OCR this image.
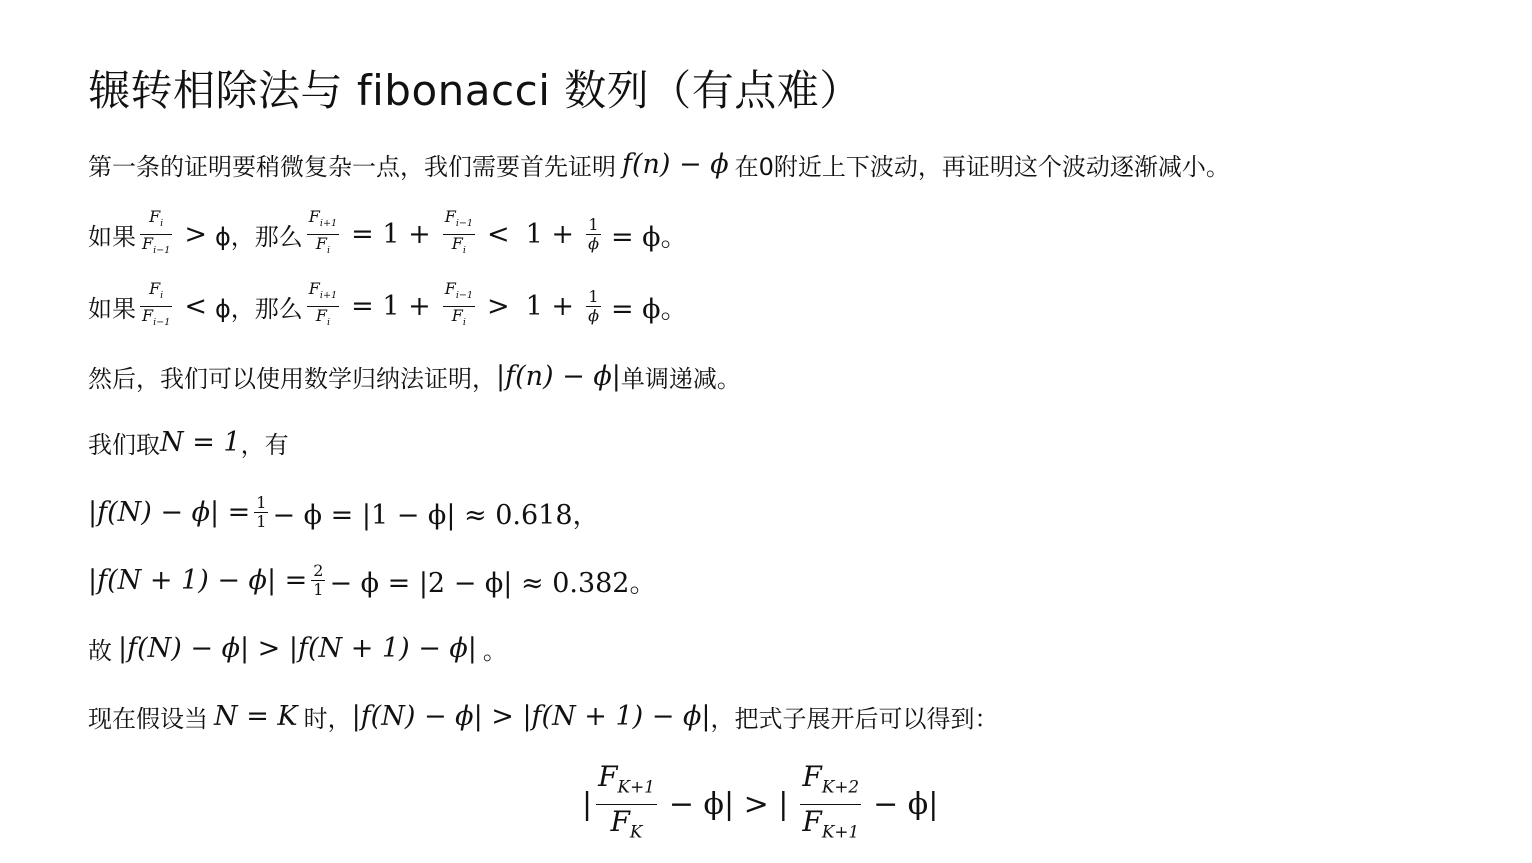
辗转相除法与 fibonacci 数列（有点难）
第一条的证明要稍微复杂一点，我们需要首先证明 f(n) − ϕ 在0附近上下波动，再证明这个波动逐渐减小。
如果 $\frac{F_i}{F_{i-1}} > \phi$，那么 $\frac{F_{i+1}}{F_i} = 1 + \frac{F_{i-1}}{F_i} < 1 + \frac{1}{\phi} = \phi$。
如果 $\frac{F_i}{F_{i-1}} < \phi$，那么 $\frac{F_{i+1}}{F_i} = 1 + \frac{F_{i-1}}{F_i} > 1 + \frac{1}{\phi} = \phi$。
然后，我们可以使用数学归纳法证明， |f(n) − ϕ| 单调递减。
我们取 N = 1 ，有
$|f(N) - \phi| = \frac{1}{1} - \phi = |1 - \phi| \approx 0.618$，
$|f(N + 1) - \phi| = \frac{2}{1} - \phi = |2 - \phi| \approx 0.382$。
故 |f(N) − ϕ| > |f(N + 1) − ϕ| 。
现在假设当 N = K 时， |f(N) − ϕ| > |f(N + 1) − ϕ| ，把式子展开后可以得到：
| $\frac{F_{K+1}}{F_K} - \phi|$ > | $\frac{F_{K+2}}{F_{K+1}} - \phi|$
